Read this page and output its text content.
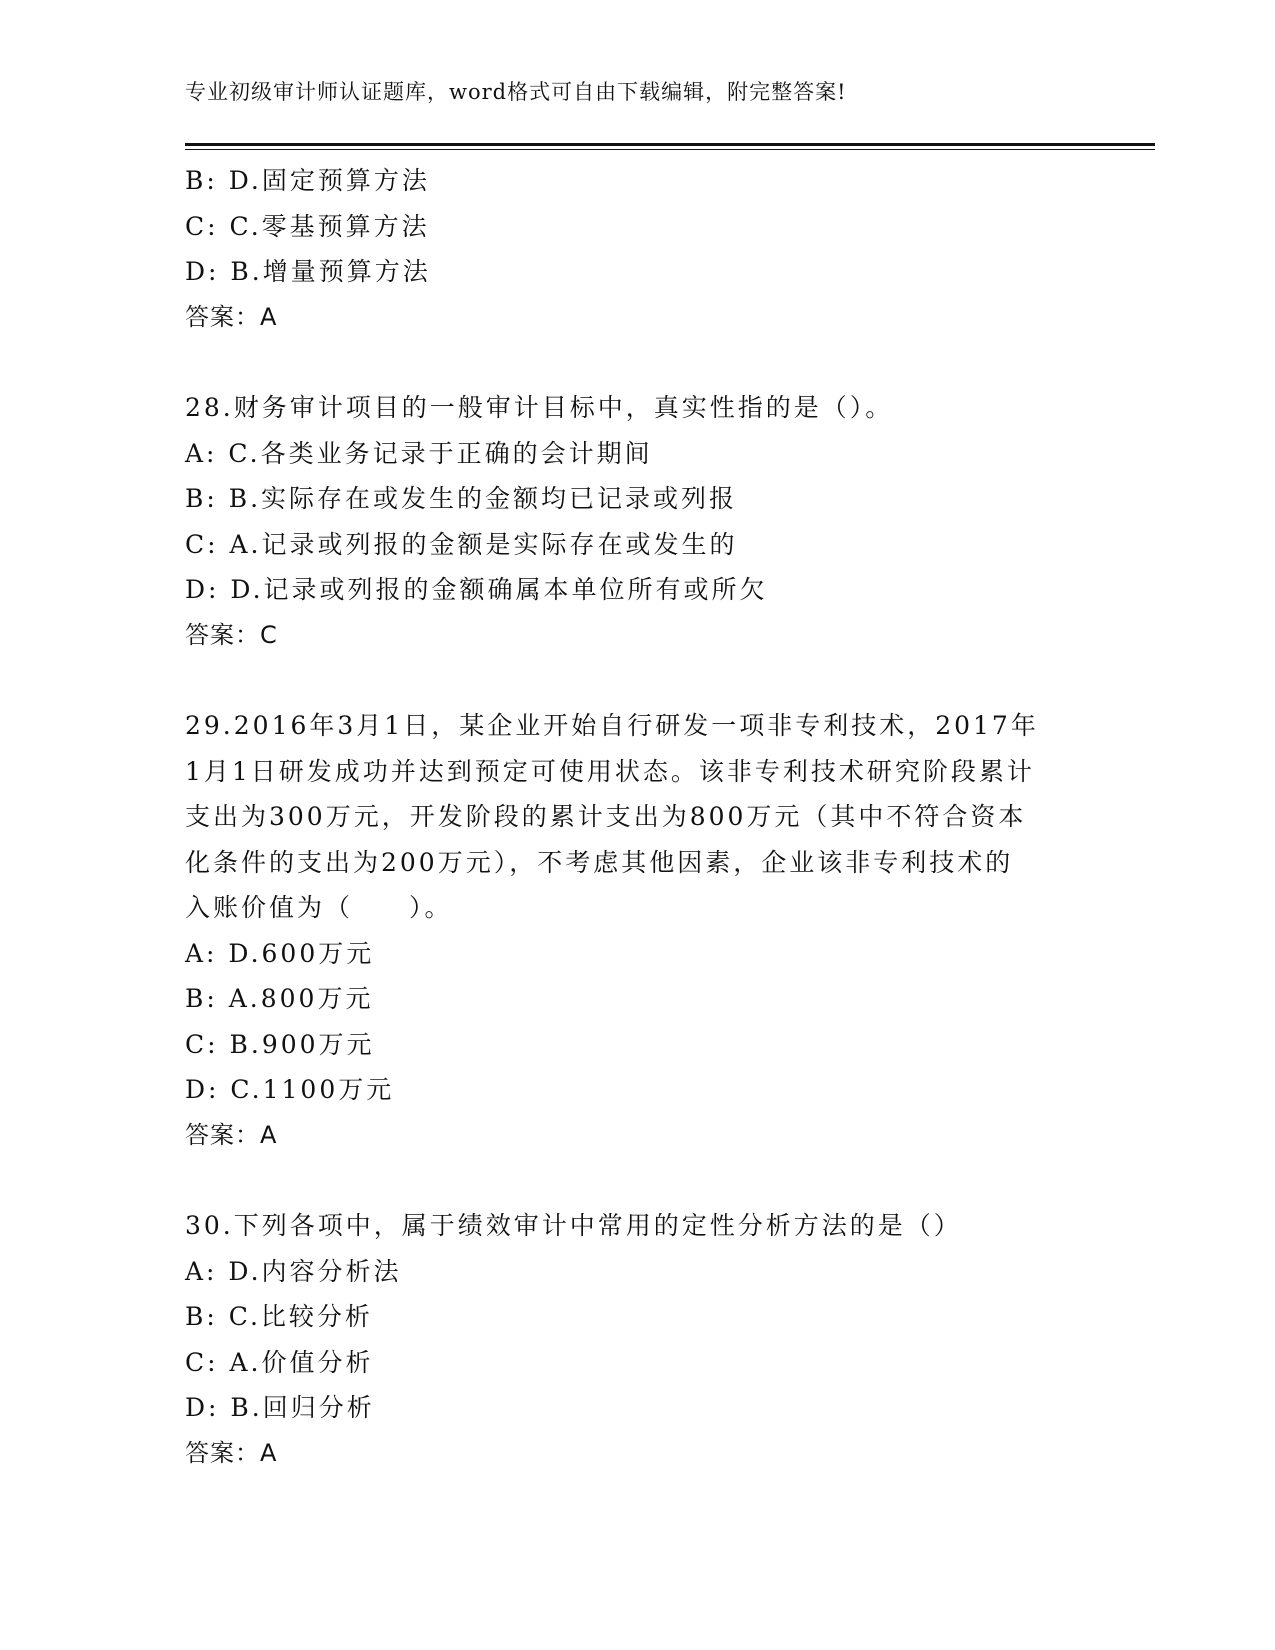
专业初级审计师认证题库，word格式可自由下载编辑，附完整答案!
B: D.固定预算方法
C: C.零基预算方法
D: B.增量预算方法
答案：A
28.财务审计项目的一般审计目标中，真实性指的是（）。
A: C.各类业务记录于正确的会计期间
B: B.实际存在或发生的金额均已记录或列报
C: A.记录或列报的金额是实际存在或发生的
D: D.记录或列报的金额确属本单位所有或所欠
答案：C
29.2016年3月1日，某企业开始自行研发一项非专利技术，2017年
1月1日研发成功并达到预定可使用状态。该非专利技术研究阶段累计
支出为300万元，开发阶段的累计支出为800万元（其中不符合资本
化条件的支出为200万元），不考虑其他因素，企业该非专利技术的
入账价值为（　　）。
A: D.600万元
B: A.800万元
C: B.900万元
D: C.1100万元
答案：A
30.下列各项中，属于绩效审计中常用的定性分析方法的是（）
A: D.内容分析法
B: C.比较分析
C: A.价值分析
D: B.回归分析
答案：A
